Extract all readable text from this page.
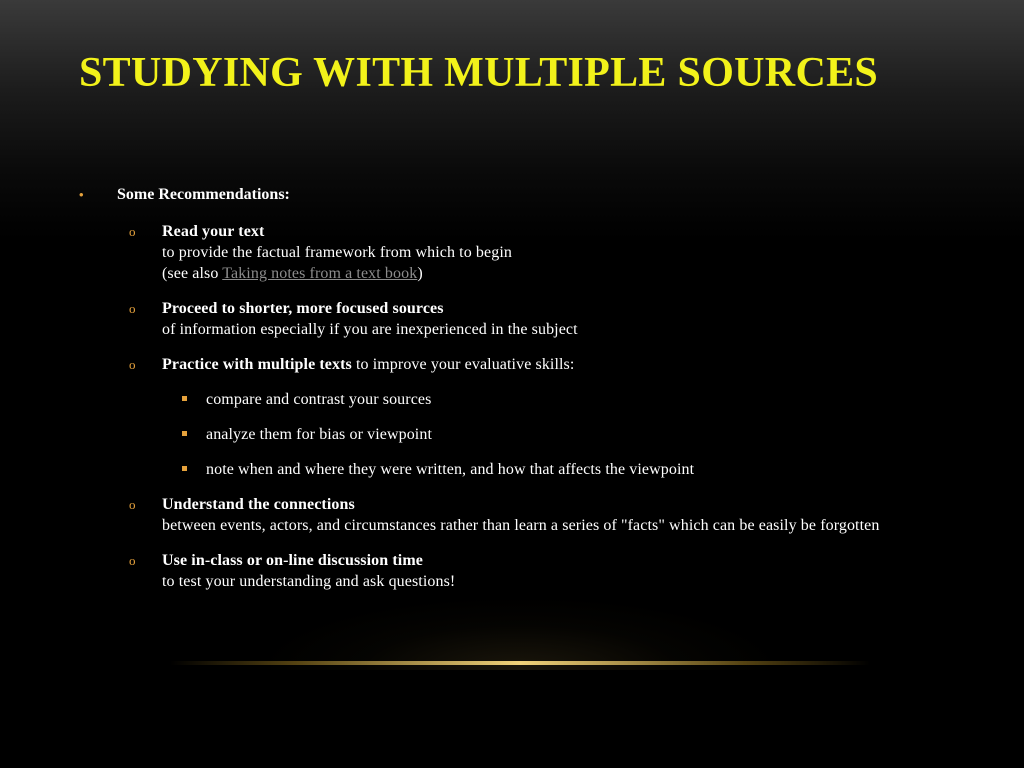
STUDYING WITH MULTIPLE SOURCES
• Some Recommendations:
o Read your text
to provide the factual framework from which to begin
(see also Taking notes from a text book)
o Proceed to shorter, more focused sources
of information especially if you are inexperienced in the subject
o Practice with multiple texts to improve your evaluative skills:
compare and contrast your sources
analyze them for bias or viewpoint
note when and where they were written, and how that affects the viewpoint
o Understand the connections
between events, actors, and circumstances rather than learn a series of "facts" which can be easily be forgotten
o Use in-class or on-line discussion time
to test your understanding and ask questions!
